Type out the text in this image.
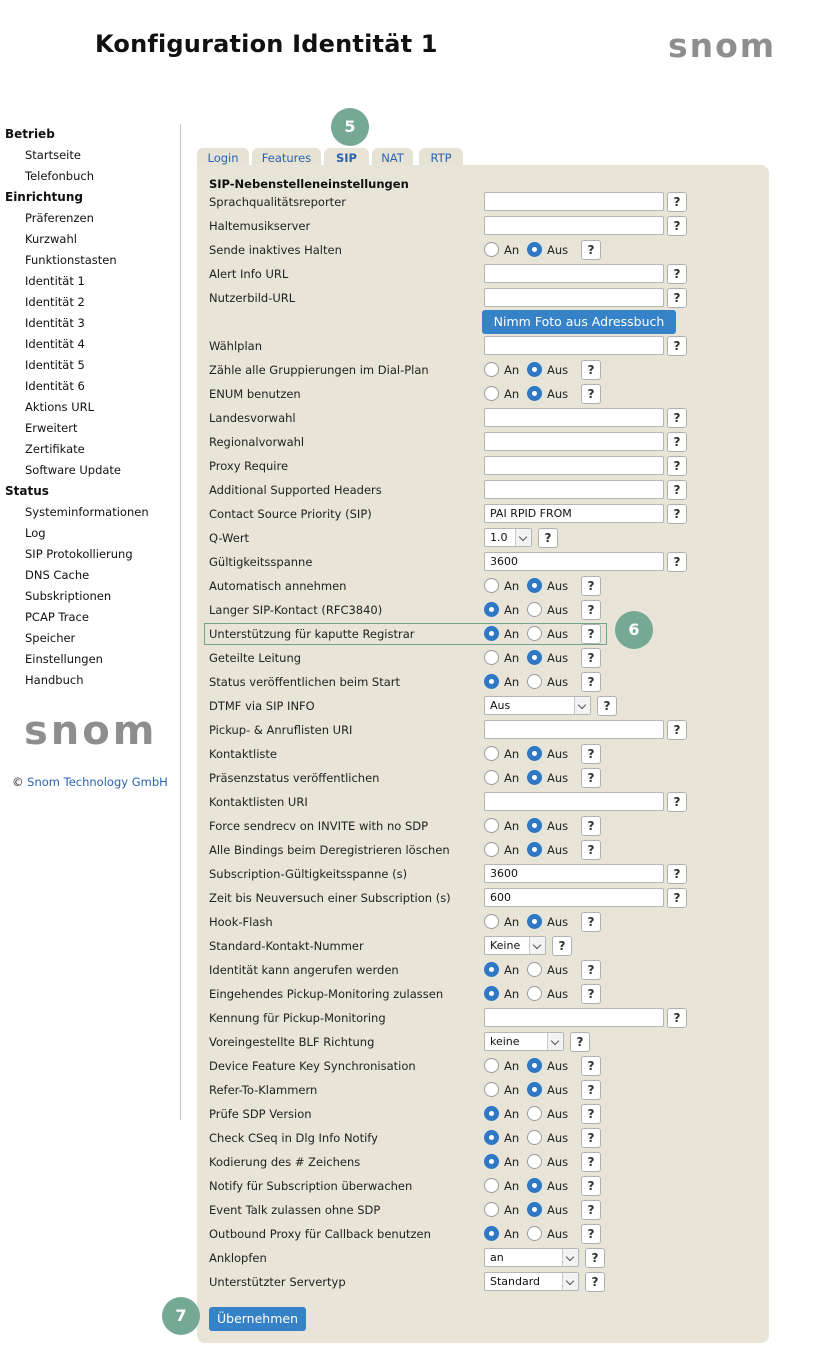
Konfiguration Identität 1	snom
Betrieb
Startseite
Telefonbuch
Einrichtung
Präferenzen
Kurzwahl
Funktionstasten
Identität 1
Identität 2
Identität 3
Identität 4
Identität 5
Identität 6
Aktions URL
Erweitert
Zertifikate
Software Update
Status
Systeminformationen
Log
SIP Protokollierung
DNS Cache
Subskriptionen
PCAP Trace
Speicher
Einstellungen
Handbuch
snom
© Snom Technology GmbH
Login	Features	SIP	NAT	RTP
SIP-Nebenstelleneinstellungen
Sprachqualitätsreporter	?
Haltemusikserver	?
Sende inaktives Halten	An Aus	?
Alert Info URL	?
Nutzerbild-URL	?
Wählplan	?
Zähle alle Gruppierungen im Dial-Plan	An Aus	?
ENUM benutzen	An Aus	?
Landesvorwahl	?
Regionalvorwahl	?
Proxy Require	?
Additional Supported Headers	?
Contact Source Priority (SIP)	PAI RPID FROM	?
Q-Wert	1.0	?
Gültigkeitsspanne	3600	?
Automatisch annehmen	An Aus	?
Langer SIP-Kontact (RFC3840)	An Aus	?
Unterstützung für kaputte Registrar	An Aus	?
Geteilte Leitung	An Aus	?
Status veröffentlichen beim Start	An Aus	?
DTMF via SIP INFO	Aus	?
Pickup- & Anruflisten URI	?
Kontaktliste	An Aus	?
Präsenzstatus veröffentlichen	An Aus	?
Kontaktlisten URI	?
Force sendrecv on INVITE with no SDP	An Aus	?
Alle Bindings beim Deregistrieren löschen	An Aus	?
Subscription-Gültigkeitsspanne (s)	3600	?
Zeit bis Neuversuch einer Subscription (s)	600	?
Hook-Flash	An Aus	?
Standard-Kontakt-Nummer	Keine	?
Identität kann angerufen werden	An Aus	?
Eingehendes Pickup-Monitoring zulassen	An Aus	?
Kennung für Pickup-Monitoring	?
Voreingestellte BLF Richtung	keine	?
Device Feature Key Synchronisation	An Aus	?
Refer-To-Klammern	An Aus	?
Prüfe SDP Version	An Aus	?
Check CSeq in Dlg Info Notify	An Aus	?
Kodierung des # Zeichens	An Aus	?
Notify für Subscription überwachen	An Aus	?
Event Talk zulassen ohne SDP	An Aus	?
Outbound Proxy für Callback benutzen	An Aus	?
Anklopfen	an	?
Unterstützter Servertyp	Standard	?
Nimm Foto aus Adressbuch
Übernehmen
5
6
7
